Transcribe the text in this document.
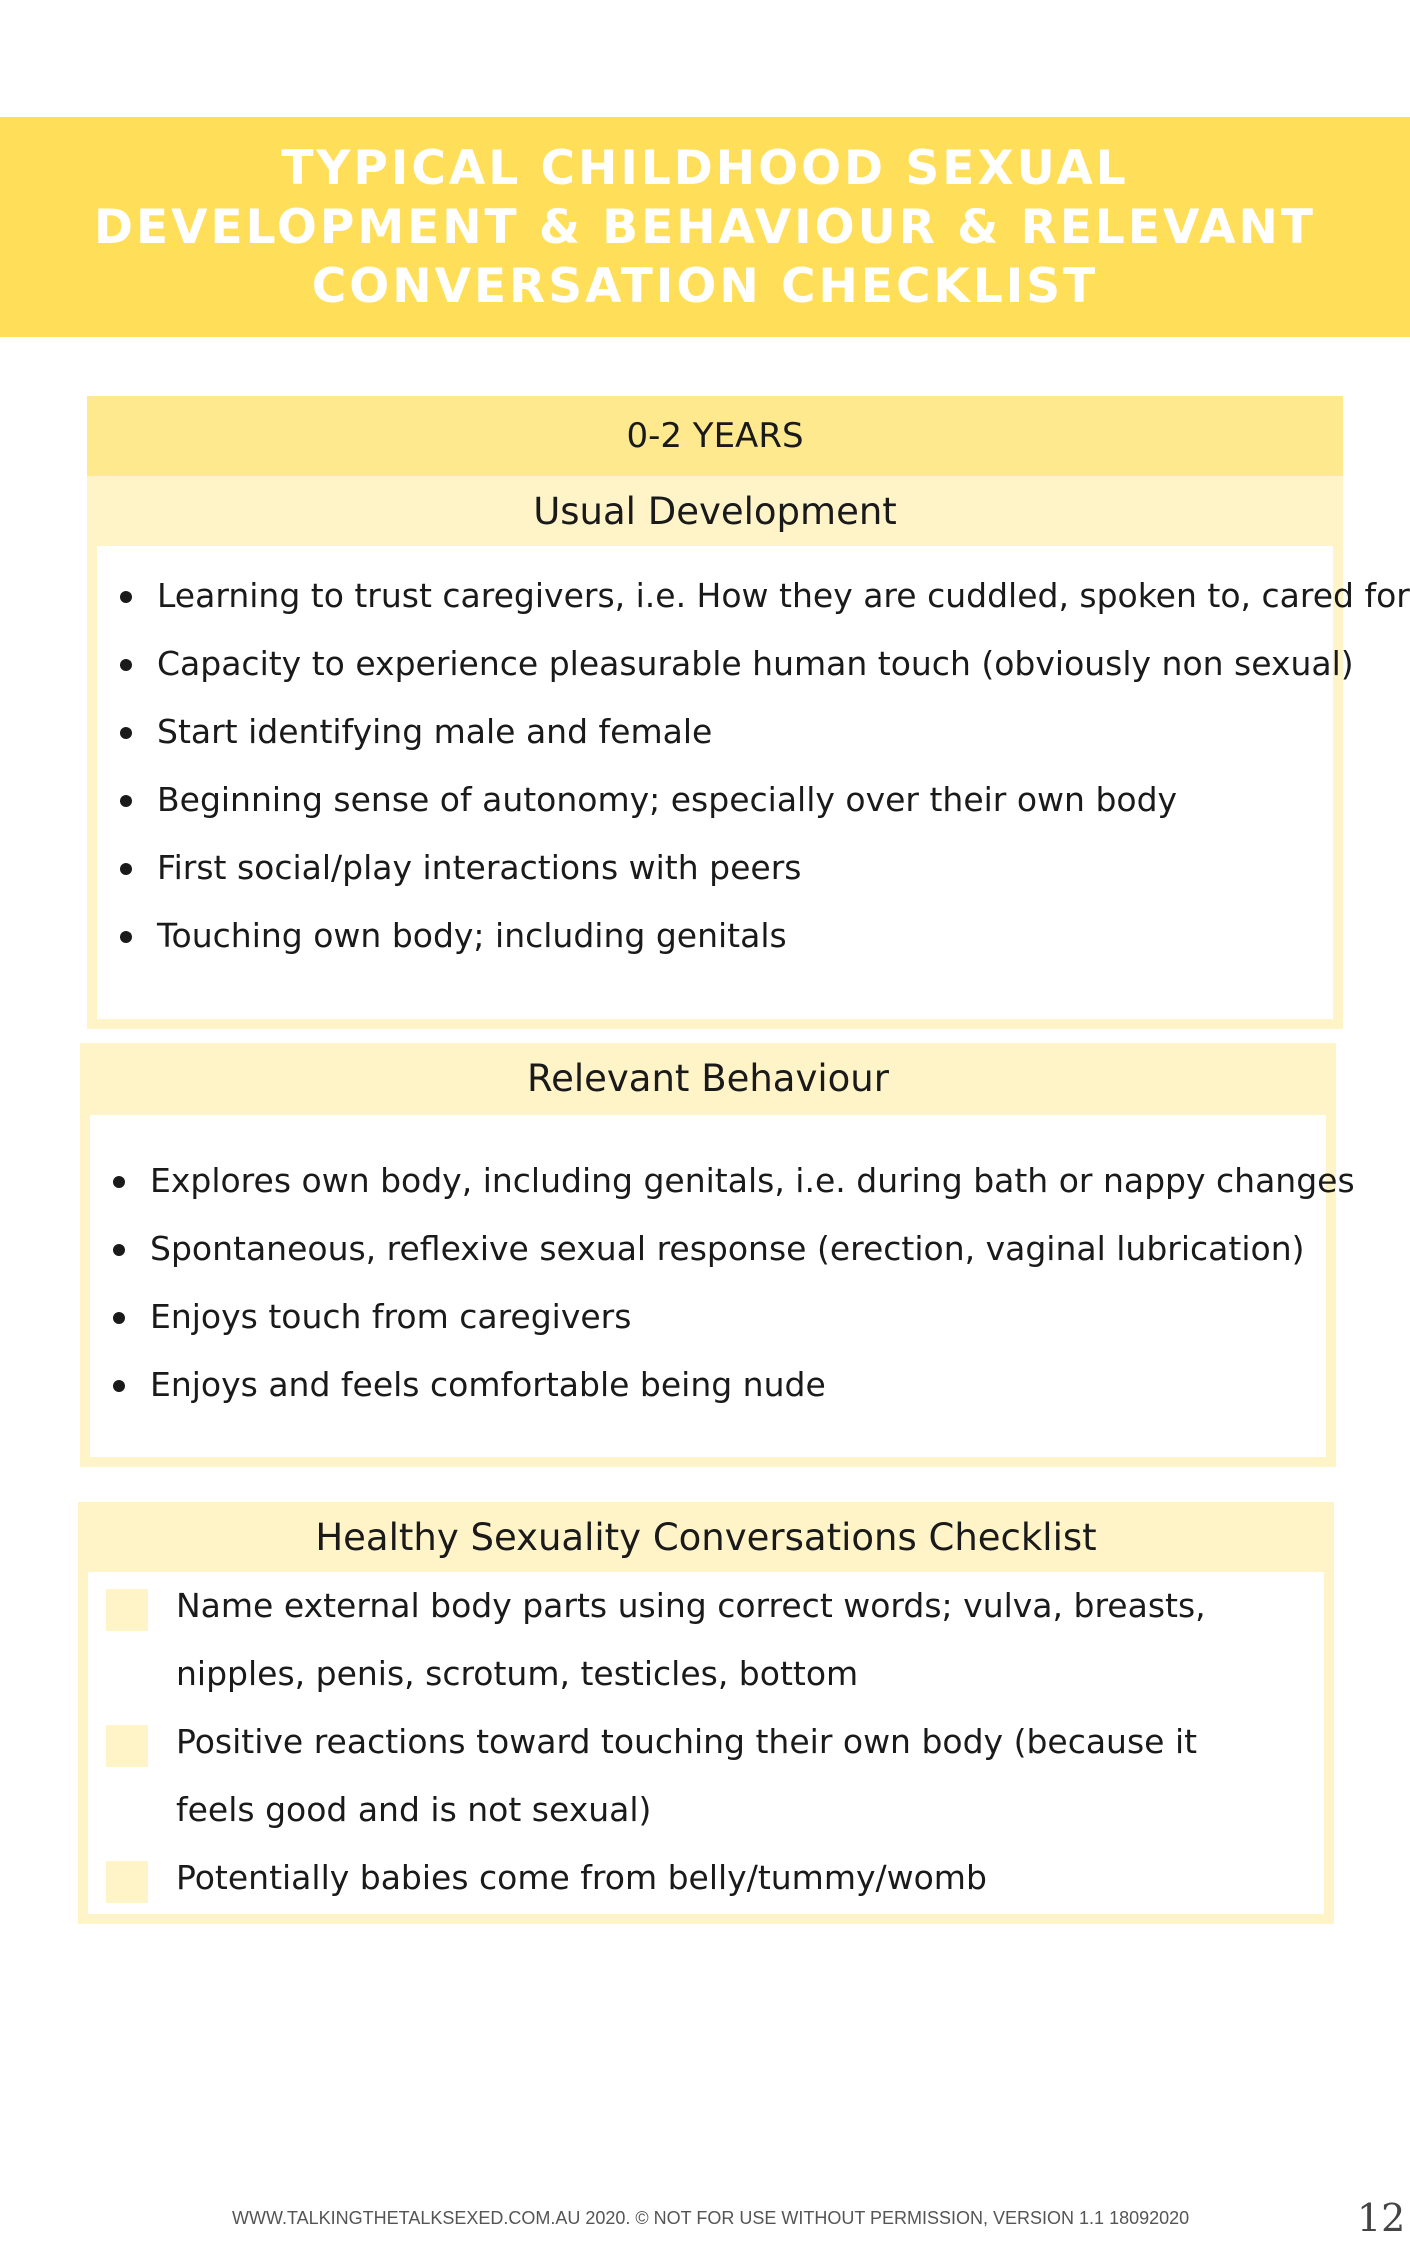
TYPICAL CHILDHOOD SEXUAL
DEVELOPMENT & BEHAVIOUR & RELEVANT
CONVERSATION CHECKLIST
0-2 YEARS
Usual Development
Learning to trust caregivers, i.e. How they are cuddled, spoken to, cared for
Capacity to experience pleasurable human touch (obviously non sexual)
Start identifying male and female
Beginning sense of autonomy; especially over their own body
First social/play interactions with peers
Touching own body; including genitals
Relevant Behaviour
Explores own body, including genitals, i.e. during bath or nappy changes
Spontaneous, reflexive sexual response (erection, vaginal lubrication)
Enjoys touch from caregivers
Enjoys and feels comfortable being nude
Healthy Sexuality Conversations Checklist
Name external body parts using correct words; vulva, breasts, nipples, penis, scrotum, testicles, bottom
Positive reactions toward touching their own body (because it feels good and is not sexual)
Potentially babies come from belly/tummy/womb
WWW.TALKINGTHETALKSEXED.COM.AU 2020. © NOT FOR USE WITHOUT PERMISSION, VERSION 1.1 18092020	12
